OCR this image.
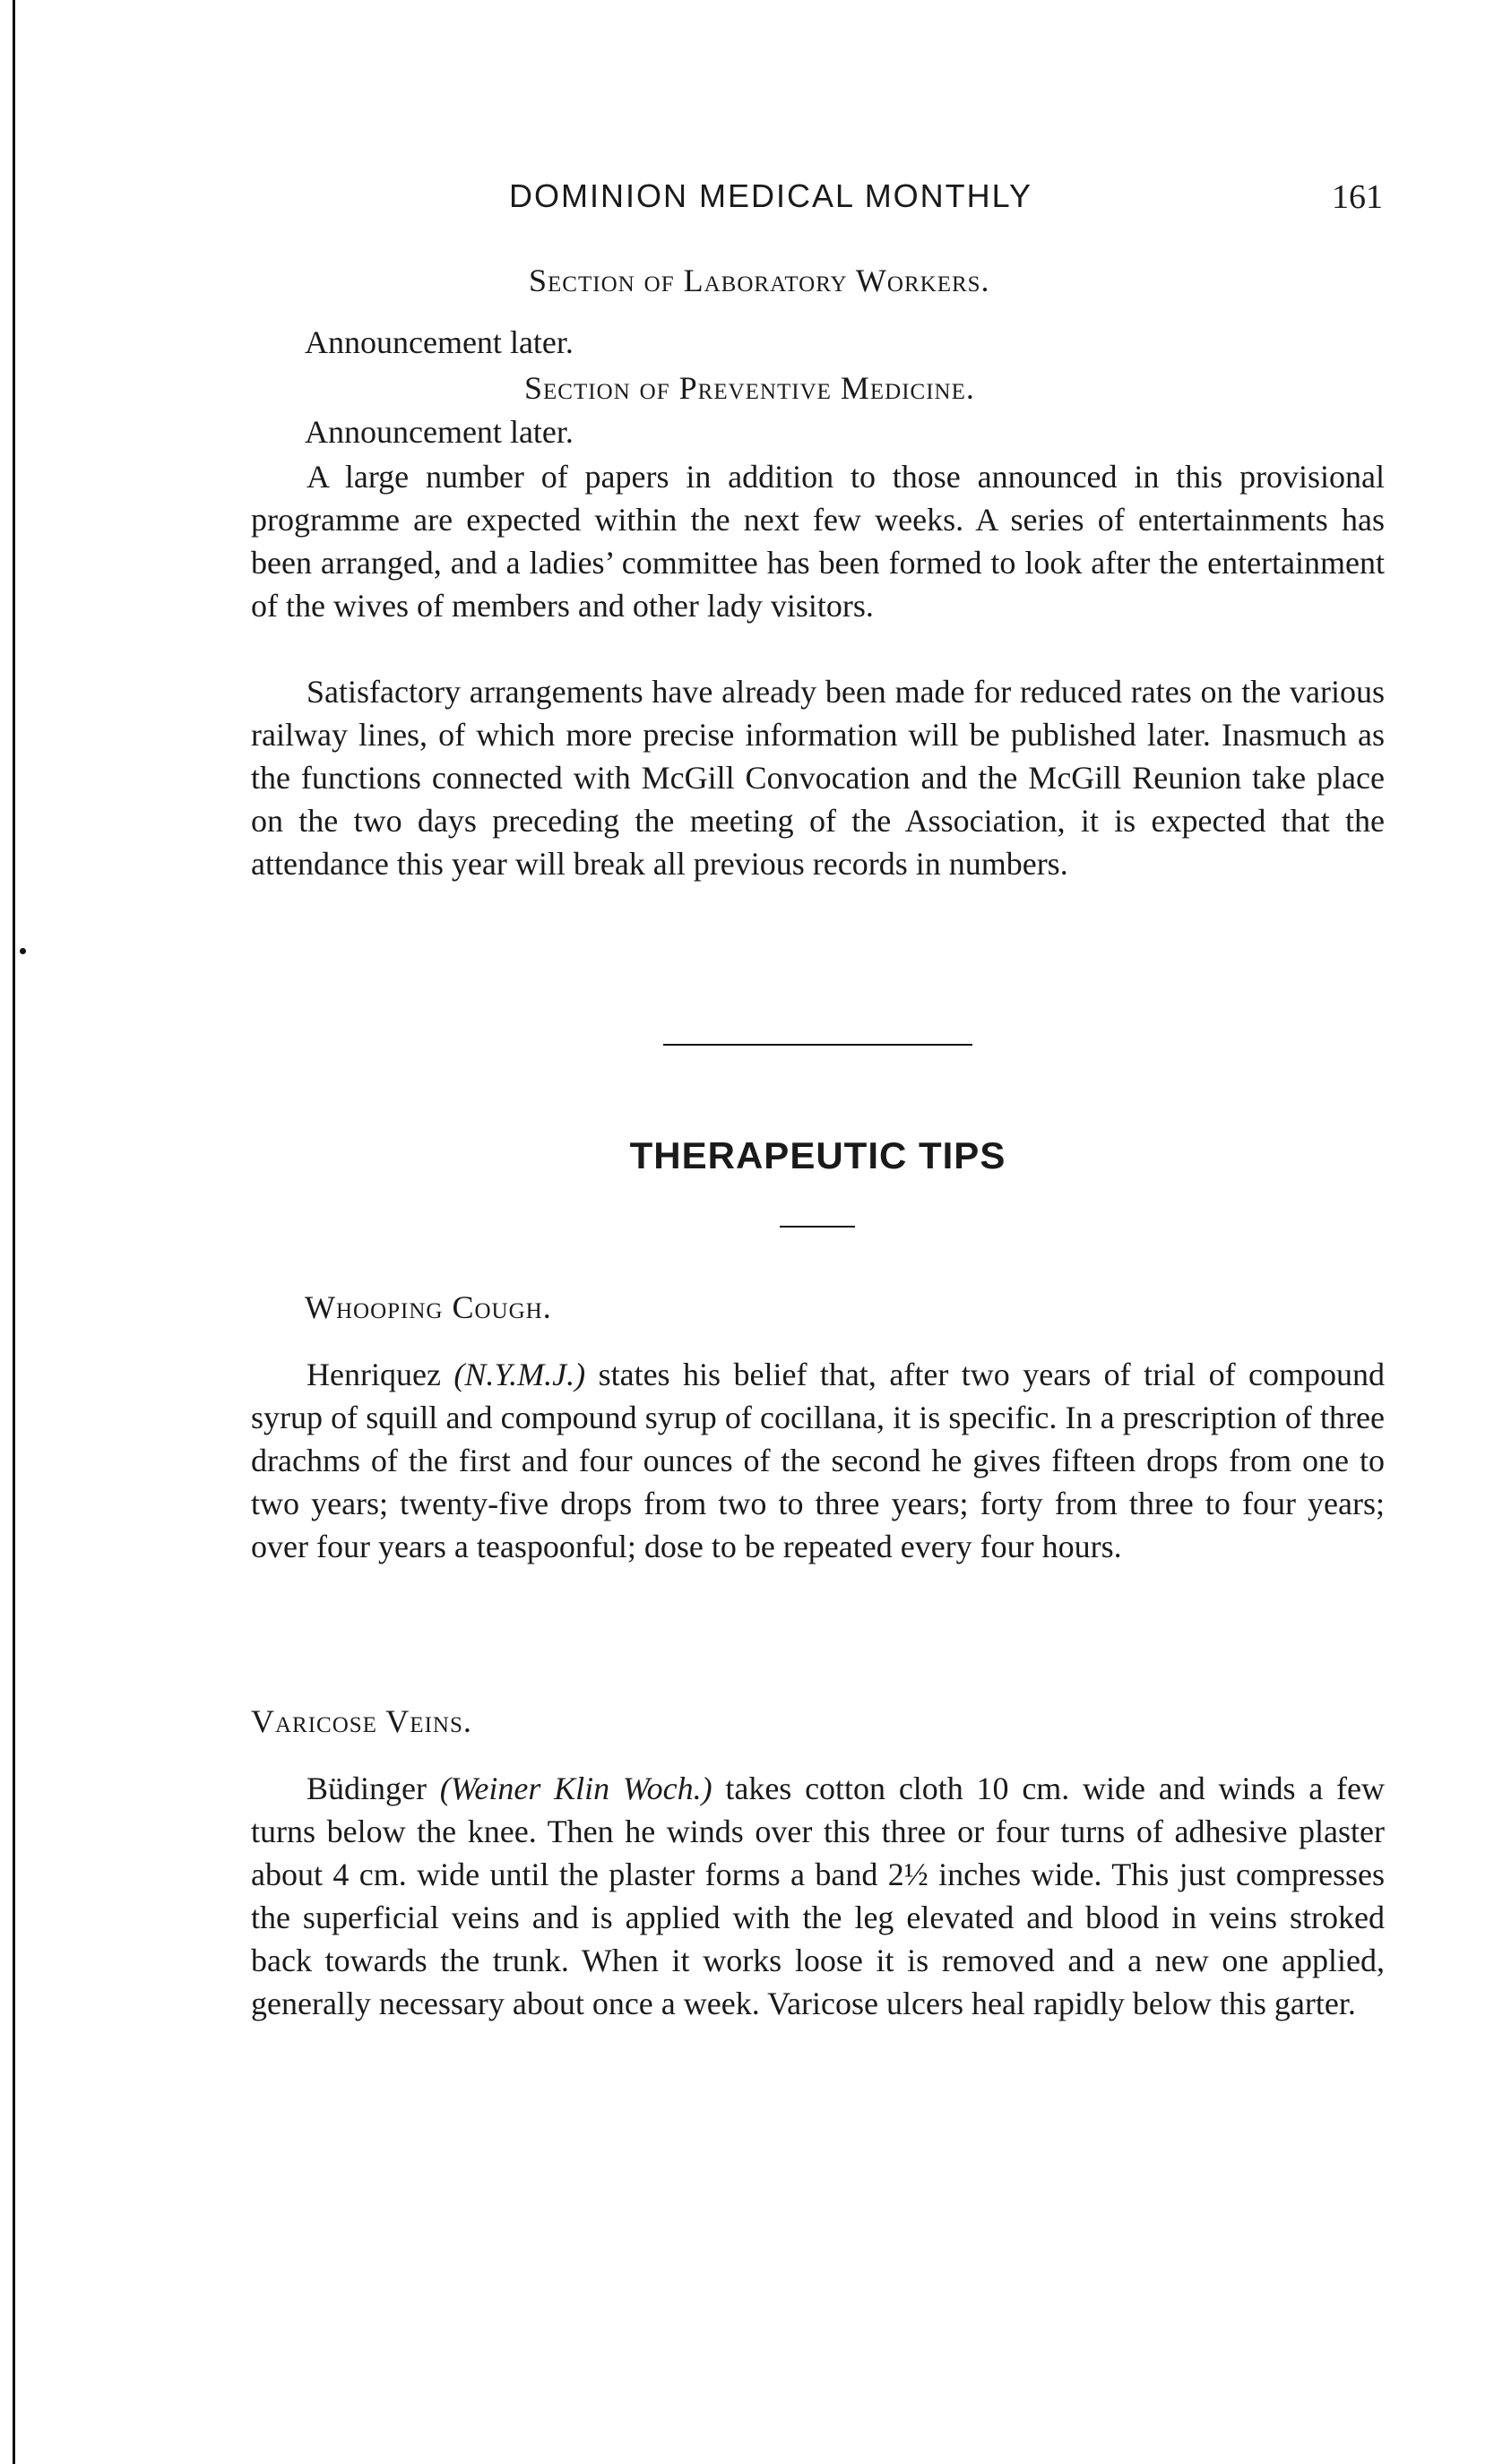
DOMINION MEDICAL MONTHLY	161
Section of Laboratory Workers.
Announcement later.
Section of Preventive Medicine.
Announcement later.
A large number of papers in addition to those announced in this provisional programme are expected within the next few weeks. A series of entertainments has been arranged, and a ladies’ committee has been formed to look after the entertainment of the wives of members and other lady visitors.
Satisfactory arrangements have already been made for reduced rates on the various railway lines, of which more precise information will be published later. Inasmuch as the functions connected with McGill Convocation and the McGill Reunion take place on the two days preceding the meeting of the Association, it is expected that the attendance this year will break all previous records in numbers.
THERAPEUTIC TIPS
Whooping Cough.
Henriquez (N.Y.M.J.) states his belief that, after two years of trial of compound syrup of squill and compound syrup of cocillana, it is specific. In a prescription of three drachms of the first and four ounces of the second he gives fifteen drops from one to two years; twenty-five drops from two to three years; forty from three to four years; over four years a teaspoonful; dose to be repeated every four hours.
Varicose Veins.
Büdinger (Weiner Klin Woch.) takes cotton cloth 10 cm. wide and winds a few turns below the knee. Then he winds over this three or four turns of adhesive plaster about 4 cm. wide until the plaster forms a band 2½ inches wide. This just compresses the superficial veins and is applied with the leg elevated and blood in veins stroked back towards the trunk. When it works loose it is removed and a new one applied, generally necessary about once a week. Varicose ulcers heal rapidly below this garter.
